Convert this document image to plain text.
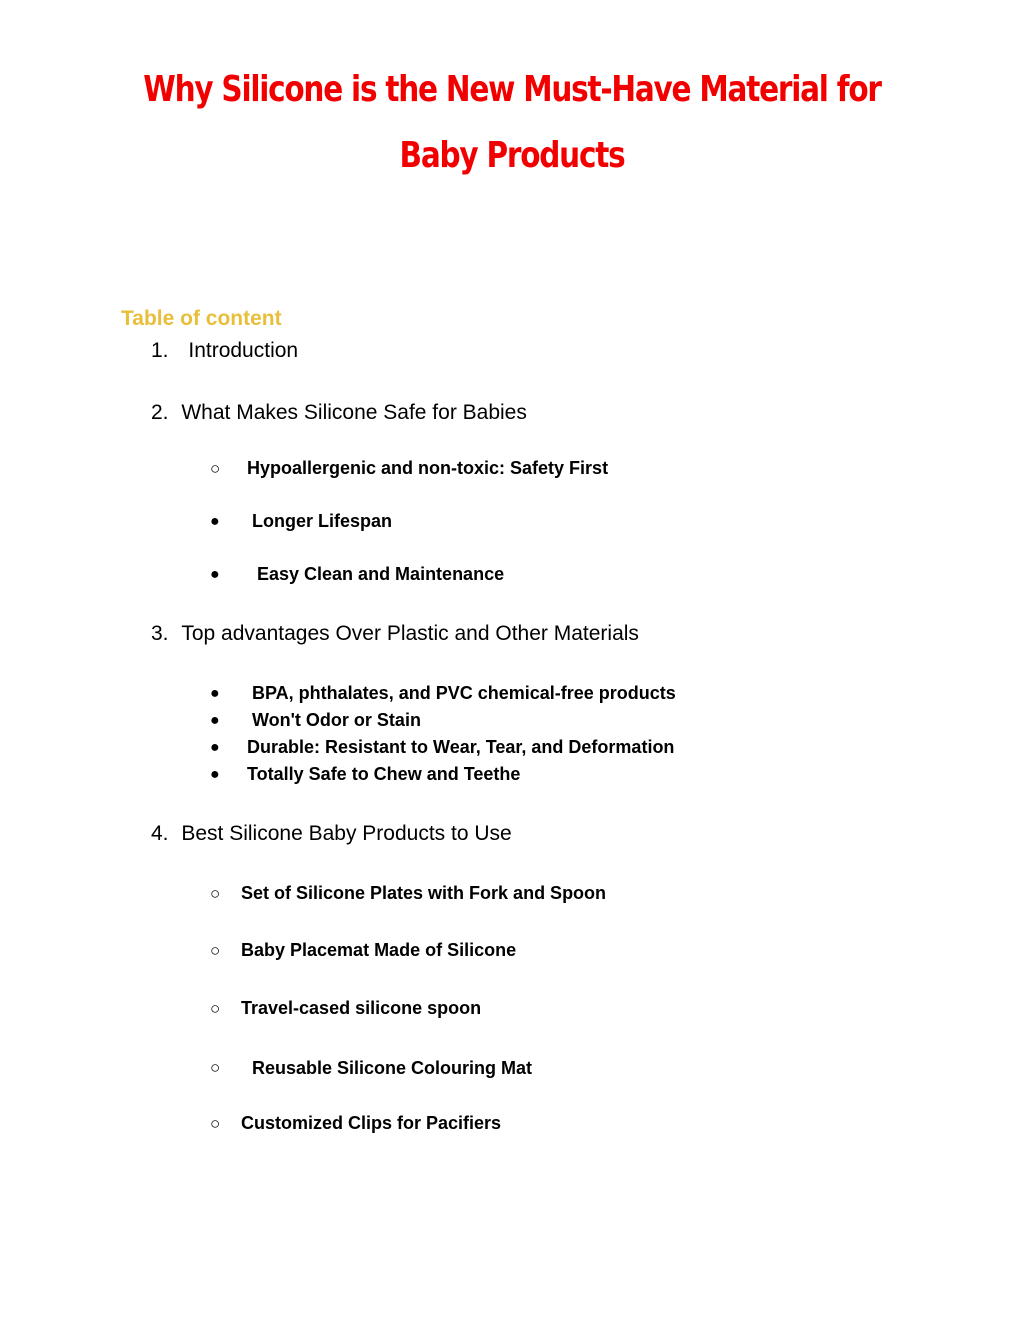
Why Silicone is the New Must-Have Material for
Baby Products
Table of content
1. Introduction
2. What Makes Silicone Safe for Babies
○ Hypoallergenic and non-toxic: Safety First
● Longer Lifespan
● Easy Clean and Maintenance
3. Top advantages Over Plastic and Other Materials
● BPA, phthalates, and PVC chemical-free products
● Won't Odor or Stain
● Durable: Resistant to Wear, Tear, and Deformation
● Totally Safe to Chew and Teethe
4. Best Silicone Baby Products to Use
○ Set of Silicone Plates with Fork and Spoon
○ Baby Placemat Made of Silicone
○ Travel-cased silicone spoon
○ Reusable Silicone Colouring Mat
○ Customized Clips for Pacifiers
